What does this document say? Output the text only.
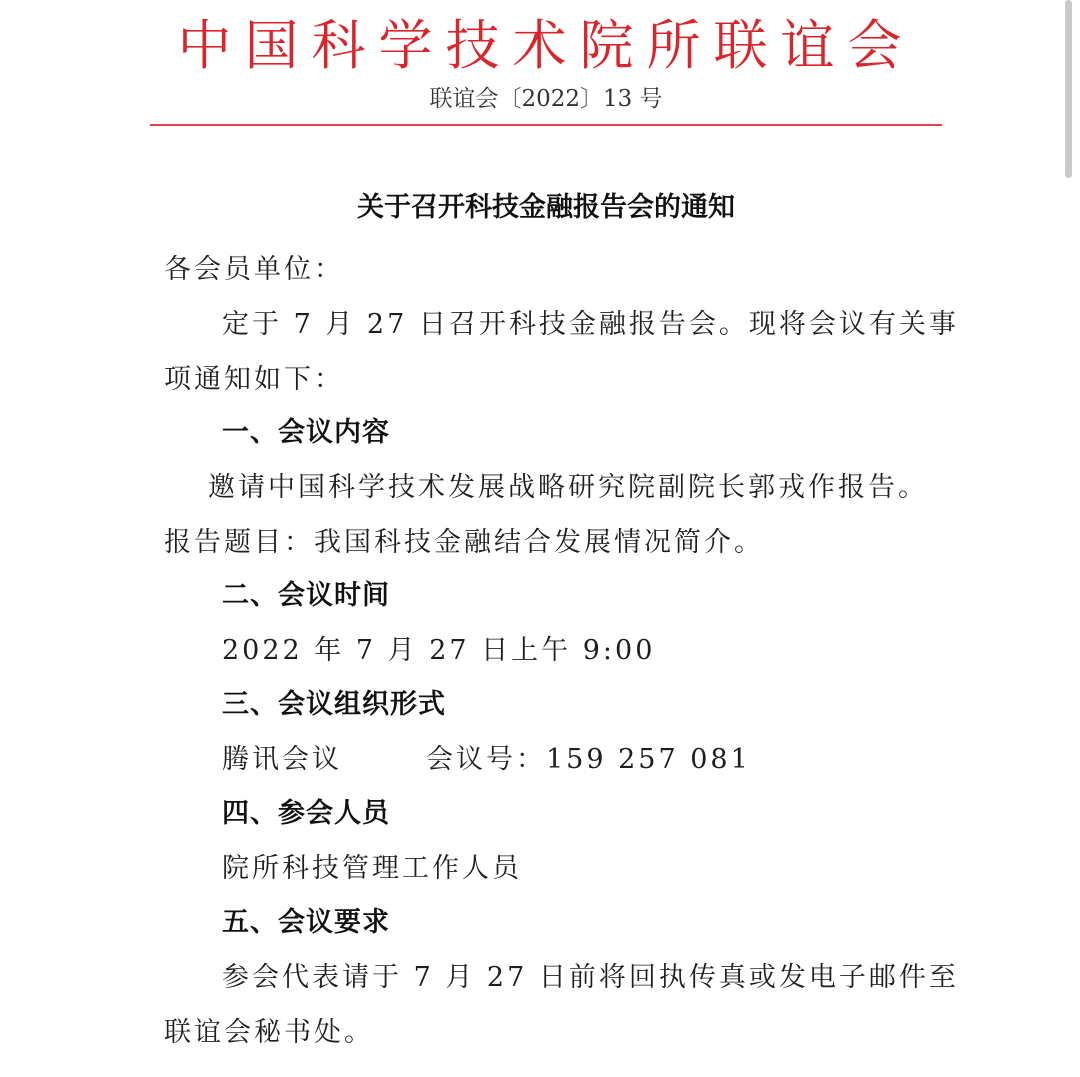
中国科学技术院所联谊会
联谊会〔2022〕13 号
关于召开科技金融报告会的通知
各会员单位：
定于 7 月 27 日召开科技金融报告会。现将会议有关事
项通知如下：
一、会议内容
邀请中国科学技术发展战略研究院副院长郭戎作报告。
报告题目：我国科技金融结合发展情况简介。
二、会议时间
2022 年 7 月 27 日上午 9:00
三、会议组织形式
腾讯会议	会议号：159 257 081
四、参会人员
院所科技管理工作人员
五、会议要求
参会代表请于 7 月 27 日前将回执传真或发电子邮件至
联谊会秘书处。
